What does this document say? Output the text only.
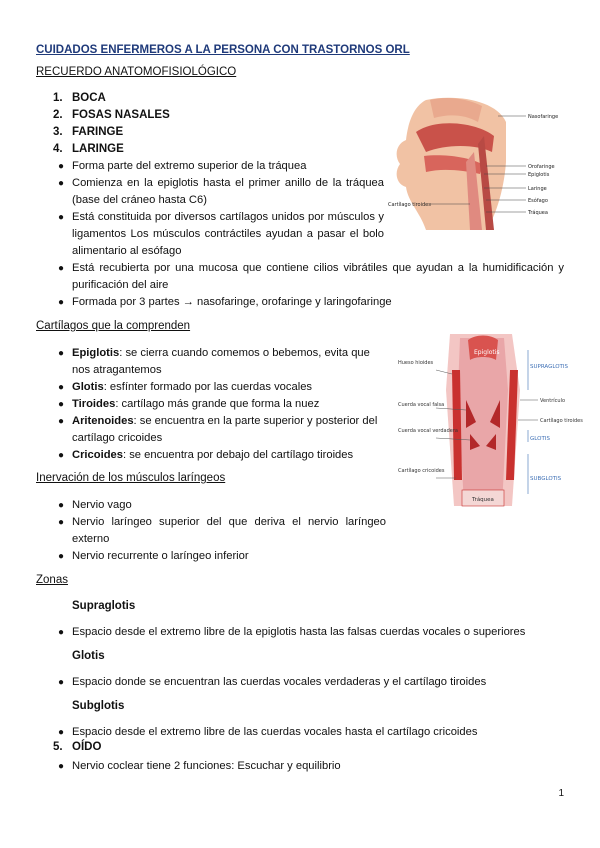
CUIDADOS ENFERMEROS A LA PERSONA CON TRASTORNOS ORL
RECUERDO ANATOMOFISIOLÓGICO
1. BOCA
2. FOSAS NASALES
3. FARINGE
4. LARINGE
● Forma parte del extremo superior de la tráquea
● Comienza en la epiglotis hasta el primer anillo de la tráquea (base del cráneo hasta C6)
● Está constituida por diversos cartílagos unidos por músculos y ligamentos Los músculos contráctiles ayudan a pasar el bolo alimentario al esófago
● Está recubierta por una mucosa que contiene cilios vibrátiles que ayudan a la humidificación y purificación del aire
● Formada por 3 partes → nasofaringe, orofaringe y laringofaringe
Nasofaringe
Orofaringe
Epiglotis
Laringe
Esófago
Cartílago tiroides
Tráquea
Cartílagos que la comprenden
● Epiglotis: se cierra cuando comemos o bebemos, evita que nos atragantemos
● Glotis: esfínter formado por las cuerdas vocales
● Tiroides: cartílago más grande que forma la nuez
● Aritenoides: se encuentra en la parte superior y posterior del cartílago cricoides
● Cricoides: se encuentra por debajo del cartílago tiroides
Epiglotis
Hueso hioides
SUPRAGLOTIS
Ventrículo
Cuerda vocal falsa
Cartílago tiroides
GLOTIS
Cuerda vocal verdadera
Cartílago cricoides
SUBGLOTIS
Tráquea
Inervación de los músculos laríngeos
● Nervio vago
● Nervio laríngeo superior del que deriva el nervio laríngeo externo
● Nervio recurrente o laríngeo inferior
Zonas
Supraglotis
● Espacio desde el extremo libre de la epiglotis hasta las falsas cuerdas vocales o superiores
Glotis
● Espacio donde se encuentran las cuerdas vocales verdaderas y el cartílago tiroides
Subglotis
● Espacio desde el extremo libre de las cuerdas vocales hasta el cartílago cricoides
5. OÍDO
● Nervio coclear tiene 2 funciones: Escuchar y equilibrio
1
